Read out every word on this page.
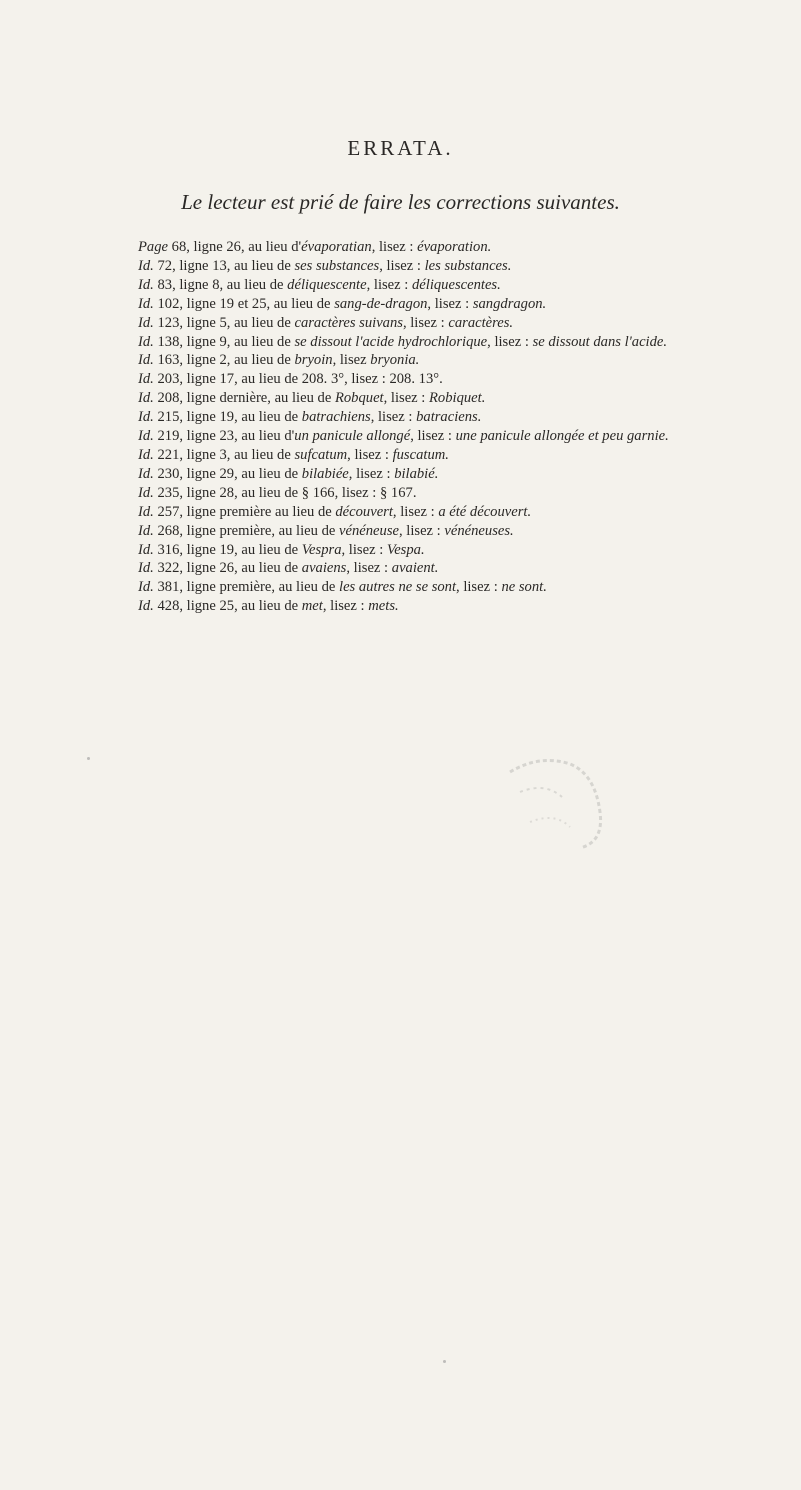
ERRATA.
Le lecteur est prié de faire les corrections suivantes.

Page 68, ligne 26, au lieu d'évaporatian, lisez : évaporation.

Id. 72, ligne 13, au lieu de ses substances, lisez : les substances.

Id. 83, ligne 8, au lieu de déliquescente, lisez : déliquescentes.

Id. 102, ligne 19 et 25, au lieu de sang-de-dragon, lisez : sangdragon.

Id. 123, ligne 5, au lieu de caractères suivans, lisez : caractères.

Id. 138, ligne 9, au lieu de se dissout l'acide hydrochlorique, lisez : se dissout dans l'acide.

Id. 163, ligne 2, au lieu de bryoin, lisez bryonia.

Id. 203, ligne 17, au lieu de 208. 3°, lisez : 208. 13°.

Id. 208, ligne dernière, au lieu de Robquet, lisez : Robiquet.

Id. 215, ligne 19, au lieu de batrachiens, lisez : batraciens.

Id. 219, ligne 23, au lieu d'un panicule allongé, lisez : une panicule allongée et peu garnie.

Id. 221, ligne 3, au lieu de sufcatum, lisez : fuscatum.

Id. 230, ligne 29, au lieu de bilabiée, lisez : bilabié.

Id. 235, ligne 28, au lieu de § 166, lisez : § 167.

Id. 257, ligne première au lieu de découvert, lisez : a été découvert.

Id. 268, ligne première, au lieu de vénéneuse, lisez : vénéneuses.

Id. 316, ligne 19, au lieu de Vespra, lisez : Vespa.

Id. 322, ligne 26, au lieu de avaiens, lisez : avaient.

Id. 381, ligne première, au lieu de les autres ne se sont, lisez : ne sont.

Id. 428, ligne 25, au lieu de met, lisez : mets.
